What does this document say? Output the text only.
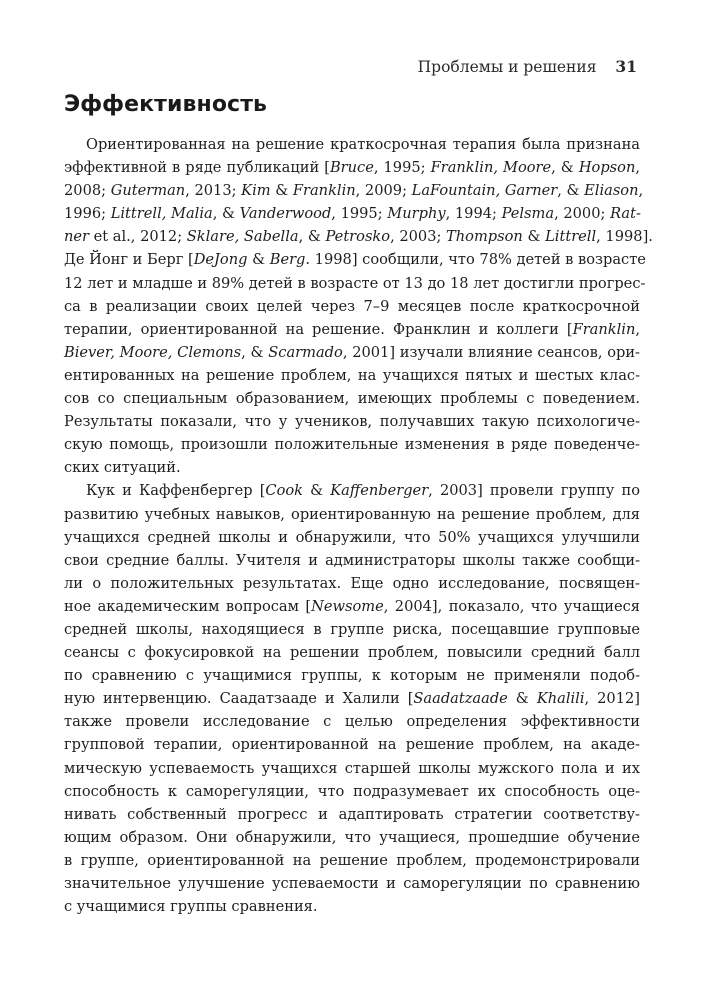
Проблемы и решения 31
Эффективность
Ориентированная на решение краткосрочная терапия была признана
эффективной в ряде публикаций [Bruce, 1995; Franklin, Moore, & Hopson,
2008; Guterman, 2013; Kim & Franklin, 2009; LaFountain, Garner, & Eliason,
1996; Littrell, Malia, & Vanderwood, 1995; Murphy, 1994; Pelsma, 2000; Rat-
ner et al., 2012; Sklare, Sabella, & Petrosko, 2003; Thompson & Littrell, 1998].
Де Йонг и Берг [DeJong & Berg. 1998] сообщили, что 78% детей в возрасте
12 лет и младше и 89% детей в возрасте от 13 до 18 лет достигли прогрес-
са в реализации своих целей через 7–9 месяцев после краткосрочной
терапии, ориентированной на решение. Франклин и коллеги [Franklin,
Biever, Moore, Clemons, & Scarmado, 2001] изучали влияние сеансов, ори-
ентированных на решение проблем, на учащихся пятых и шестых клас-
сов со специальным образованием, имеющих проблемы с поведением.
Результаты показали, что у учеников, получавших такую психологиче-
скую помощь, произошли положительные изменения в ряде поведенче-
ских ситуаций.
Кук и Каффенбергер [Cook & Kaffenberger, 2003] провели группу по
развитию учебных навыков, ориентированную на решение проблем, для
учащихся средней школы и обнаружили, что 50% учащихся улучшили
свои средние баллы. Учителя и администраторы школы также сообщи-
ли о положительных результатах. Еще одно исследование, посвящен-
ное академическим вопросам [Newsome, 2004], показало, что учащиеся
средней школы, находящиеся в группе риска, посещавшие групповые
сеансы с фокусировкой на решении проблем, повысили средний балл
по сравнению с учащимися группы, к которым не применяли подоб-
ную интервенцию. Саадатзааде и Халили [Saadatzaade & Khalili, 2012]
также провели исследование с целью определения эффективности
групповой терапии, ориентированной на решение проблем, на акаде-
мическую успеваемость учащихся старшей школы мужского пола и их
способность к саморегуляции, что подразумевает их способность оце-
нивать собственный прогресс и адаптировать стратегии соответству-
ющим образом. Они обнаружили, что учащиеся, прошедшие обучение
в группе, ориентированной на решение проблем, продемонстрировали
значительное улучшение успеваемости и саморегуляции по сравнению
с учащимися группы сравнения.
